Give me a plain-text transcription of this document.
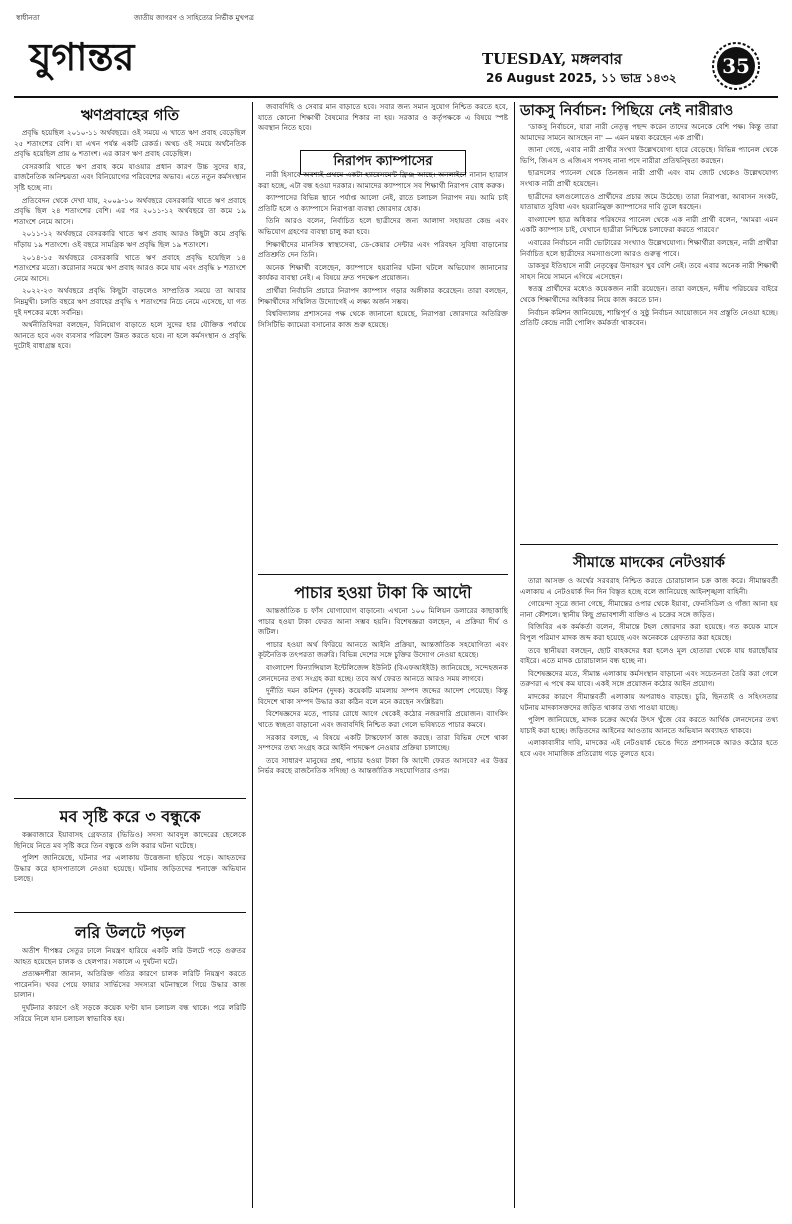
স্বাধীনতা	জাতীয় জাগরণ ও সাহিত্যের নির্ভীক মুখপত্র
যুগান্তর	TUESDAY, মঙ্গলবার
26 August 2025, ১১ ভাদ্র ১৪৩২ 35
ঋণপ্রবাহের গতি

প্রবৃদ্ধি হয়েছিল ২০১০-১১ অর্থবছরে। ওই সময়ে এ খাতে ঋণ প্রবাহ বেড়েছিল ২৫ শতাংশের বেশি। যা এখন পর্যন্ত একটি রেকর্ড। অথচ ওই সময়ে অর্থনৈতিক প্রবৃদ্ধি হয়েছিল প্রায় ৬ শতাংশ। এর কারণ ঋণ প্রবাহ বেড়েছিল।

বেসরকারি খাতে ঋণ প্রবাহ কমে যাওয়ার প্রধান কারণ উচ্চ সুদের হার, রাজনৈতিক অনিশ্চয়তা এবং বিনিয়োগের পরিবেশের অভাব। এতে নতুন কর্মসংস্থান সৃষ্টি হচ্ছে না।

প্রতিবেদন থেকে দেখা যায়, ২০০৯-১০ অর্থবছরে বেসরকারি খাতে ঋণ প্রবাহে প্রবৃদ্ধি ছিল ২৪ শতাংশের বেশি। এর পর ২০১১-১২ অর্থবছরে তা কমে ১৯ শতাংশে নেমে আসে।

২০১১-১২ অর্থবছরে বেসরকারি খাতে ঋণ প্রবাহ আরও কিছুটা কমে প্রবৃদ্ধি দাঁড়ায় ১৯ শতাংশে। ওই বছরে সামগ্রিক ঋণ প্রবৃদ্ধি ছিল ১৯ শতাংশে।

২০১৪-১৫ অর্থবছরে বেসরকারি খাতে ঋণ প্রবাহে প্রবৃদ্ধি হয়েছিল ১৪ শতাংশের মতো। করোনার সময়ে ঋণ প্রবাহ আরও কমে যায় এবং প্রবৃদ্ধি ৮ শতাংশে নেমে আসে।

২০২২-২৩ অর্থবছরে প্রবৃদ্ধি কিছুটা বাড়লেও সাম্প্রতিক সময়ে তা আবার নিম্নমুখী। চলতি বছরে ঋণ প্রবাহের প্রবৃদ্ধি ৭ শতাংশের নিচে নেমে এসেছে, যা গত দুই দশকের মধ্যে সর্বনিম্ন।

অর্থনীতিবিদরা বলছেন, বিনিয়োগ বাড়াতে হলে সুদের হার যৌক্তিক পর্যায়ে আনতে হবে এবং ব্যবসার পরিবেশ উন্নত করতে হবে। না হলে কর্মসংস্থান ও প্রবৃদ্ধি দুটোই বাধাগ্রস্ত হবে।

মব সৃষ্টি করে ৩ বন্ধুকে

কক্সবাজারে ইয়াবাসহ গ্রেফতার (ভিডিও) সদস্য আবদুল কাদেরের ছেলেকে ছিনিয়ে নিতে মব সৃষ্টি করে তিন বন্ধুকে গুলি করার ঘটনা ঘটেছে।

পুলিশ জানিয়েছে, ঘটনার পর এলাকায় উত্তেজনা ছড়িয়ে পড়ে। আহতদের উদ্ধার করে হাসপাতালে নেওয়া হয়েছে। ঘটনায় জড়িতদের শনাক্তে অভিযান চলছে।

লরি উলটে পড়ল

অতীশ দীপঙ্কর সেতুর ঢালে নিয়ন্ত্রণ হারিয়ে একটি লরি উলটে পড়ে গুরুতর আহত হয়েছেন চালক ও হেলপার। সকালে এ দুর্ঘটনা ঘটে।

প্রত্যক্ষদর্শীরা জানান, অতিরিক্ত গতির কারণে চালক লরিটি নিয়ন্ত্রণ করতে পারেননি। খবর পেয়ে ফায়ার সার্ভিসের সদস্যরা ঘটনাস্থলে গিয়ে উদ্ধার কাজ চালান।

দুর্ঘটনার কারণে ওই সড়কে কয়েক ঘণ্টা যান চলাচল বন্ধ থাকে। পরে লরিটি সরিয়ে নিলে যান চলাচল স্বাভাবিক হয়।

জবাবদিহি ও সেবার মান বাড়াতে হবে। সবার জন্য সমান সুযোগ নিশ্চিত করতে হবে, যাতে কোনো শিক্ষার্থী বৈষম্যের শিকার না হয়। সরকার ও কর্তৃপক্ষকে এ বিষয়ে স্পষ্ট অবস্থান নিতে হবে।

নিরাপদ ক্যাম্পাসের

নারী হিসাবে অবশ্যই প্রথমে একটা হ্যারেসমেন্ট-ফ্রিঞ্জ আছে। অনলাইনে নানান হ্যারাস করা হচ্ছে, এটা বন্ধ হওয়া দরকার। আমাদের ক্যাম্পাসে সব শিক্ষার্থী নিরাপদ বোধ করুক।

ক্যাম্পাসের বিভিন্ন স্থানে পর্যাপ্ত আলো নেই, রাতে চলাচল নিরাপদ নয়। আমি চাই প্রতিটি হলে ও ক্যাম্পাসে নিরাপত্তা ব্যবস্থা জোরদার হোক।

তিনি আরও বলেন, নির্বাচিত হলে ছাত্রীদের জন্য আলাদা সহায়তা কেন্দ্র এবং অভিযোগ গ্রহণের ব্যবস্থা চালু করা হবে।

শিক্ষার্থীদের মানসিক স্বাস্থ্যসেবা, ডে-কেয়ার সেন্টার এবং পরিবহন সুবিধা বাড়ানোর প্রতিশ্রুতি দেন তিনি।

অনেক শিক্ষার্থী বলেছেন, ক্যাম্পাসে হয়রানির ঘটনা ঘটলে অভিযোগ জানানোর কার্যকর ব্যবস্থা নেই। এ বিষয়ে দ্রুত পদক্ষেপ প্রয়োজন।

প্রার্থীরা নির্বাচনি প্রচারে নিরাপদ ক্যাম্পাস গড়ার অঙ্গীকার করেছেন। তারা বলছেন, শিক্ষার্থীদের সম্মিলিত উদ্যোগেই এ লক্ষ্য অর্জন সম্ভব।

বিশ্ববিদ্যালয় প্রশাসনের পক্ষ থেকে জানানো হয়েছে, নিরাপত্তা জোরদারে অতিরিক্ত সিসিটিভি ক্যামেরা বসানোর কাজ শুরু হয়েছে।

পাচার হওয়া টাকা কি আদৌ

আন্তর্জাতিক চ ফাঁস যোগাযোগ বাড়ানো। এখনো ১০০ মিলিয়ন ডলারের কাছাকাছি পাচার হওয়া টাকা ফেরত আনা সম্ভব হয়নি। বিশেষজ্ঞরা বলছেন, এ প্রক্রিয়া দীর্ঘ ও জটিল।

পাচার হওয়া অর্থ ফিরিয়ে আনতে আইনি প্রক্রিয়া, আন্তর্জাতিক সহযোগিতা এবং কূটনৈতিক তৎপরতা জরুরি। বিভিন্ন দেশের সঙ্গে চুক্তির উদ্যোগ নেওয়া হয়েছে।

বাংলাদেশ ফিন্যান্সিয়াল ইন্টেলিজেন্স ইউনিট (বিএফআইইউ) জানিয়েছে, সন্দেহজনক লেনদেনের তথ্য সংগ্রহ করা হচ্ছে। তবে অর্থ ফেরত আনতে আরও সময় লাগবে।

দুর্নীতি দমন কমিশন (দুদক) কয়েকটি মামলায় সম্পদ জব্দের আদেশ পেয়েছে। কিন্তু বিদেশে থাকা সম্পদ উদ্ধার করা কঠিন বলে মনে করছেন সংশ্লিষ্টরা।

বিশেষজ্ঞদের মতে, পাচার রোধে আগে থেকেই কঠোর নজরদারি প্রয়োজন। ব্যাংকিং খাতে স্বচ্ছতা বাড়ানো এবং জবাবদিহি নিশ্চিত করা গেলে ভবিষ্যতে পাচার কমবে।

সরকার বলছে, এ বিষয়ে একটি টাস্কফোর্স কাজ করছে। তারা বিভিন্ন দেশে থাকা সম্পদের তথ্য সংগ্রহ করে আইনি পদক্ষেপ নেওয়ার প্রক্রিয়া চালাচ্ছে।

তবে সাধারণ মানুষের প্রশ্ন, পাচার হওয়া টাকা কি আদৌ ফেরত আসবে? এর উত্তর নির্ভর করছে রাজনৈতিক সদিচ্ছা ও আন্তর্জাতিক সহযোগিতার ওপর।

ডাকসু নির্বাচন: পিছিয়ে নেই নারীরাও

'ডাকসু নির্বাচনে, যারা নারী নেতৃত্ব পছন্দ করেন তাদের অনেকে বেশি পক্ষ। কিন্তু তারা আমাদের সামনে আসছেন না' — এমন মন্তব্য করেছেন এক প্রার্থী।

জানা গেছে, এবার নারী প্রার্থীর সংখ্যা উল্লেখযোগ্য হারে বেড়েছে। বিভিন্ন প্যানেল থেকে ভিপি, জিএস ও এজিএস পদসহ নানা পদে নারীরা প্রতিদ্বন্দ্বিতা করছেন।

ছাত্রদলের প্যানেল থেকে তিনজন নারী প্রার্থী এবং বাম জোট থেকেও উল্লেখযোগ্য সংখ্যক নারী প্রার্থী হয়েছেন।

ছাত্রীদের হলগুলোতেও প্রার্থীদের প্রচার জমে উঠেছে। তারা নিরাপত্তা, আবাসন সংকট, যাতায়াত সুবিধা এবং হয়রানিমুক্ত ক্যাম্পাসের দাবি তুলে ধরছেন।

বাংলাদেশ ছাত্র অধিকার পরিষদের প্যানেল থেকে এক নারী প্রার্থী বলেন, 'আমরা এমন একটি ক্যাম্পাস চাই, যেখানে ছাত্রীরা নিশ্চিন্তে চলাফেরা করতে পারবে।'

এবারের নির্বাচনে নারী ভোটারের সংখ্যাও উল্লেখযোগ্য। শিক্ষার্থীরা বলছেন, নারী প্রার্থীরা নির্বাচিত হলে ছাত্রীদের সমস্যাগুলো আরও গুরুত্ব পাবে।

ডাকসুর ইতিহাসে নারী নেতৃত্বের উদাহরণ খুব বেশি নেই। তবে এবার অনেক নারী শিক্ষার্থী সাহস নিয়ে সামনে এগিয়ে এসেছেন।

স্বতন্ত্র প্রার্থীদের মধ্যেও কয়েকজন নারী রয়েছেন। তারা বলছেন, দলীয় পরিচয়ের বাইরে থেকে শিক্ষার্থীদের অধিকার নিয়ে কাজ করতে চান।

নির্বাচন কমিশন জানিয়েছে, শান্তিপূর্ণ ও সুষ্ঠু নির্বাচন আয়োজনে সব প্রস্তুতি নেওয়া হচ্ছে। প্রতিটি কেন্দ্রে নারী পোলিং কর্মকর্তা থাকবেন।

সীমান্তে মাদকের নেটওয়ার্ক

তারা আসক্ত ও অর্থের সরবরাহ নিশ্চিত করতে চোরাচালান চক্র কাজ করে। সীমান্তবর্তী এলাকায় এ নেটওয়ার্ক দিন দিন বিস্তৃত হচ্ছে বলে জানিয়েছে আইনশৃঙ্খলা বাহিনী।

গোয়েন্দা সূত্রে জানা গেছে, সীমান্তের ওপার থেকে ইয়াবা, ফেনসিডিল ও গাঁজা আনা হয় নানা কৌশলে। স্থানীয় কিছু প্রভাবশালী ব্যক্তিও এ চক্রের সঙ্গে জড়িত।

বিজিবির এক কর্মকর্তা বলেন, সীমান্তে টহল জোরদার করা হয়েছে। গত কয়েক মাসে বিপুল পরিমাণ মাদক জব্দ করা হয়েছে এবং অনেককে গ্রেফতার করা হয়েছে।

তবে স্থানীয়রা বলছেন, ছোট বাহকদের ধরা হলেও মূল হোতারা থেকে যায় ধরাছোঁয়ার বাইরে। এতে মাদক চোরাচালান বন্ধ হচ্ছে না।

বিশেষজ্ঞদের মতে, সীমান্ত এলাকায় কর্মসংস্থান বাড়ানো এবং সচেতনতা তৈরি করা গেলে তরুণরা এ পথে কম যাবে। একই সঙ্গে প্রয়োজন কঠোর আইন প্রয়োগ।

মাদকের কারণে সীমান্তবর্তী এলাকায় অপরাধও বাড়ছে। চুরি, ছিনতাই ও সহিংসতার ঘটনায় মাদকাসক্তদের জড়িত থাকার তথ্য পাওয়া যাচ্ছে।

পুলিশ জানিয়েছে, মাদক চক্রের অর্থের উৎস খুঁজে বের করতে আর্থিক লেনদেনের তথ্য যাচাই করা হচ্ছে। জড়িতদের আইনের আওতায় আনতে অভিযান অব্যাহত থাকবে।

এলাকাবাসীর দাবি, মাদকের এই নেটওয়ার্ক ভেঙে দিতে প্রশাসনকে আরও কঠোর হতে হবে এবং সামাজিক প্রতিরোধ গড়ে তুলতে হবে।
